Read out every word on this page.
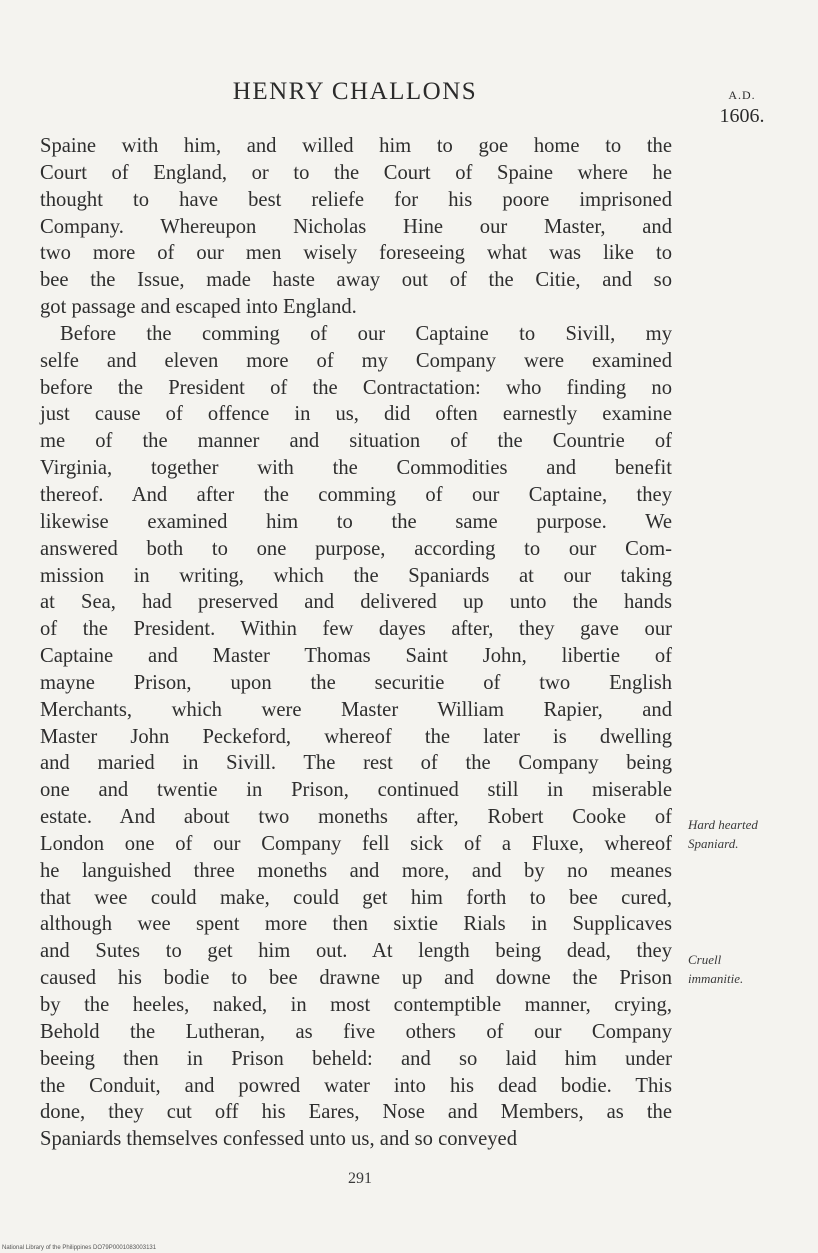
HENRY CHALLONS	A.D.
1606.
Spaine with him, and willed him to goe home to the
Court of England, or to the Court of Spaine where he
thought to have best reliefe for his poore imprisoned
Company. Whereupon Nicholas Hine our Master, and
two more of our men wisely foreseeing what was like to
bee the Issue, made haste away out of the Citie, and so
got passage and escaped into England.
Before the comming of our Captaine to Sivill, my
selfe and eleven more of my Company were examined
before the President of the Contractation: who finding no
just cause of offence in us, did often earnestly examine
me of the manner and situation of the Countrie of
Virginia, together with the Commodities and benefit
thereof. And after the comming of our Captaine, they
likewise examined him to the same purpose. We
answered both to one purpose, according to our Com-
mission in writing, which the Spaniards at our taking
at Sea, had preserved and delivered up unto the hands
of the President. Within few dayes after, they gave our
Captaine and Master Thomas Saint John, libertie of
mayne Prison, upon the securitie of two English
Merchants, which were Master William Rapier, and
Master John Peckeford, whereof the later is dwelling
and maried in Sivill. The rest of the Company being
one and twentie in Prison, continued still in miserable
estate. And about two moneths after, Robert Cooke of
London one of our Company fell sick of a Fluxe, whereof
he languished three moneths and more, and by no meanes
that wee could make, could get him forth to bee cured,
although wee spent more then sixtie Rials in Supplicaves
and Sutes to get him out. At length being dead, they
caused his bodie to bee drawne up and downe the Prison
by the heeles, naked, in most contemptible manner, crying,
Behold the Lutheran, as five others of our Company
beeing then in Prison beheld: and so laid him under
the Conduit, and powred water into his dead bodie. This
done, they cut off his Eares, Nose and Members, as the
Spaniards themselves confessed unto us, and so conveyed
Hard hearted
Spaniard.
Cruell
immanitie.
291
National Library of the Philippines DO79P0001083003131
